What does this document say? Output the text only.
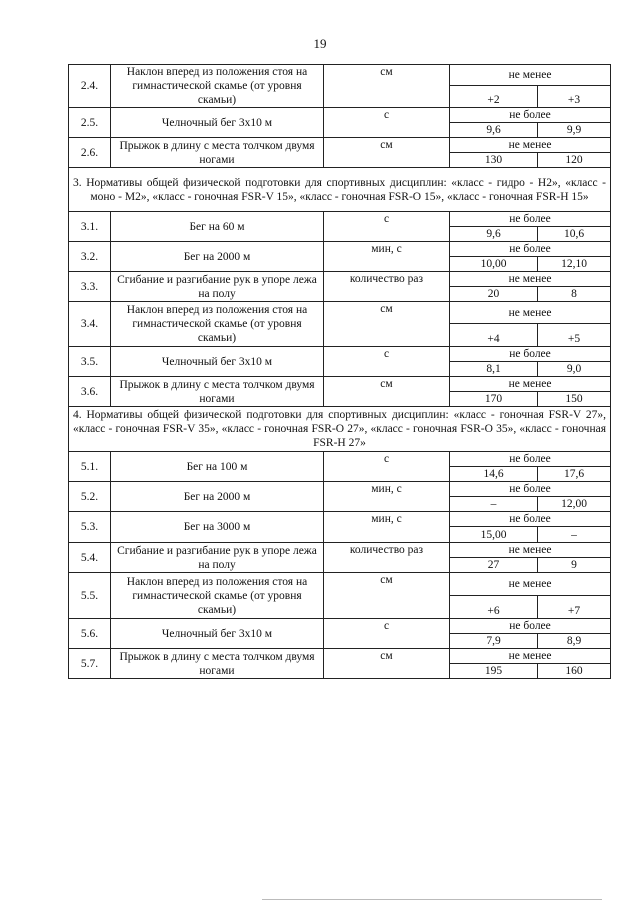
19
2.4.	Наклон вперед из положения стоя на гимнастической скамье (от уровня скамьи)	см	не менее	
			+2	+3
2.5.	Челночный бег 3x10 м	с	не более	
			9,6	9,9
2.6.	Прыжок в длину с места толчком двумя ногами	см	не менее	
			130	120
3. Нормативы общей физической подготовки для спортивных дисциплин: «класс - гидро - H2», «класс - моно - M2», «класс - гоночная FSR-V 15», «класс - гоночная FSR-O 15», «класс - гоночная FSR-H 15»				
3.1.	Бег на 60 м	с	не более	
			9,6	10,6
3.2.	Бег на 2000 м	мин, с	не более	
			10,00	12,10
3.3.	Сгибание и разгибание рук в упоре лежа на полу	количество раз	не менее	
			20	8
3.4.	Наклон вперед из положения стоя на гимнастической скамье (от уровня скамьи)	см	не менее	
			+4	+5
3.5.	Челночный бег 3x10 м	с	не более	
			8,1	9,0
3.6.	Прыжок в длину с места толчком двумя ногами	см	не менее	
			170	150
4. Нормативы общей физической подготовки для спортивных дисциплин: «класс - гоночная FSR-V 27», «класс - гоночная FSR-V 35», «класс - гоночная FSR-O 27», «класс - гоночная FSR-O 35», «класс - гоночная FSR-H 27»				
5.1.	Бег на 100 м	с	не более	
			14,6	17,6
5.2.	Бег на 2000 м	мин, с	не более	
			–	12,00
5.3.	Бег на 3000 м	мин, с	не более	
			15,00	–
5.4.	Сгибание и разгибание рук в упоре лежа на полу	количество раз	не менее	
			27	9
5.5.	Наклон вперед из положения стоя на гимнастической скамье (от уровня скамьи)	см	не менее	
			+6	+7
5.6.	Челночный бег 3x10 м	с	не более	
			7,9	8,9
5.7.	Прыжок в длину с места толчком двумя ногами	см	не менее	
			195	160
